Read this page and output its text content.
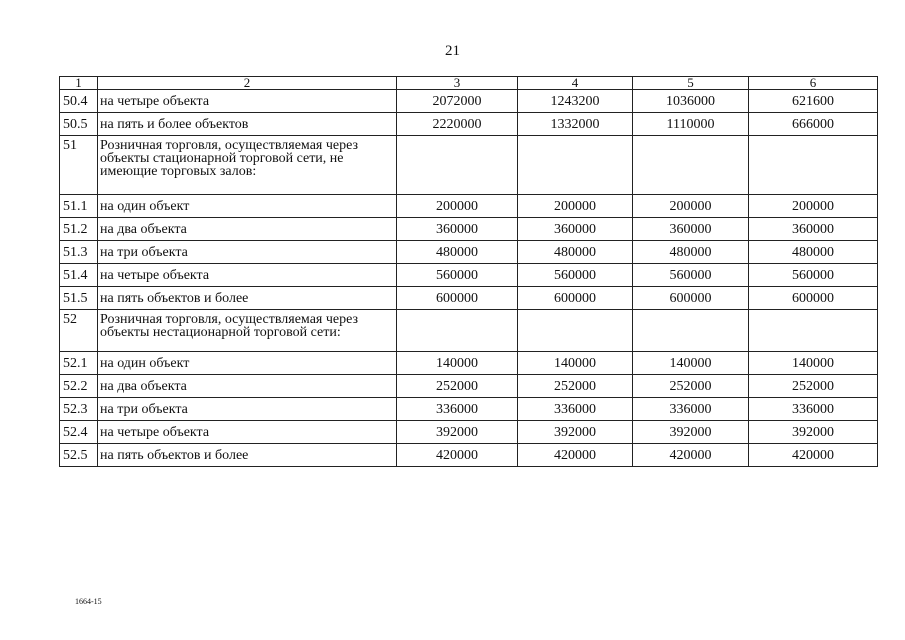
21
1	2	3	4	5	6
50.4	на четыре объекта	2072000	1243200	1036000	621600
50.5	на пять и более объектов	2220000	1332000	1110000	666000
51	Розничная торговля, осуществляемая через объекты стационарной торговой сети, не имеющие торговых залов:				
51.1	на один объект	200000	200000	200000	200000
51.2	на два объекта	360000	360000	360000	360000
51.3	на три объекта	480000	480000	480000	480000
51.4	на четыре объекта	560000	560000	560000	560000
51.5	на пять объектов и более	600000	600000	600000	600000
52	Розничная торговля, осуществляемая через объекты нестационарной торговой сети:				
52.1	на один объект	140000	140000	140000	140000
52.2	на два объекта	252000	252000	252000	252000
52.3	на три объекта	336000	336000	336000	336000
52.4	на четыре объекта	392000	392000	392000	392000
52.5	на пять объектов и более	420000	420000	420000	420000
1664-15
